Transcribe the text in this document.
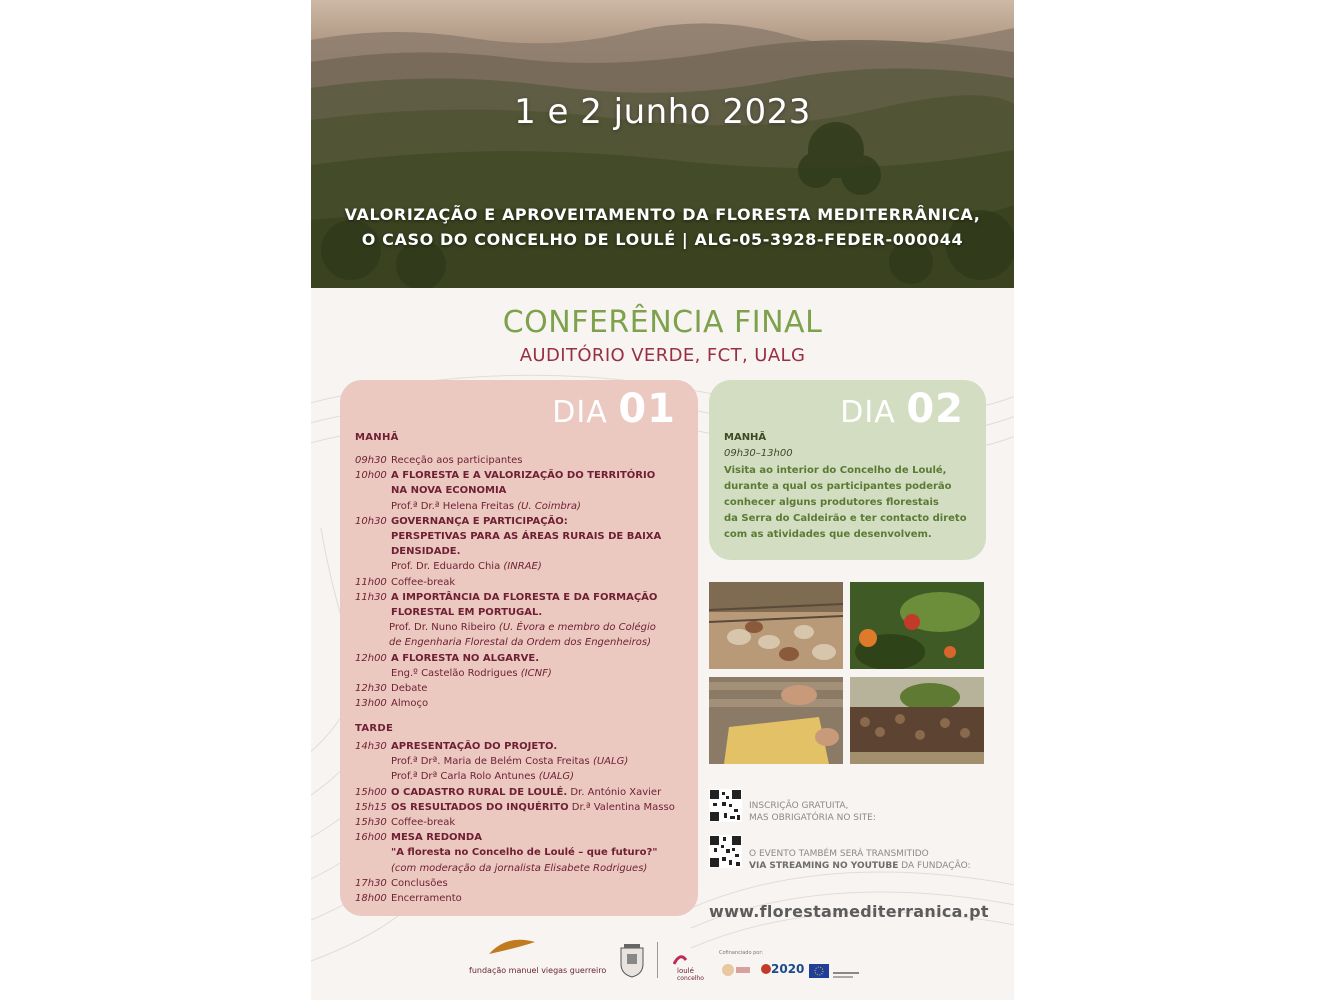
1 e 2 junho 2023
VALORIZAÇÃO E APROVEITAMENTO DA FLORESTA MEDITERRÂNICA,
O CASO DO CONCELHO DE LOULÉ | ALG-05-3928-FEDER-000044
CONFERÊNCIA FINAL
AUDITÓRIO VERDE, FCT, UALG
DIA 01
MANHÃ
09h30 Receção aos participantes
10h00 A FLORESTA E A VALORIZAÇÃO DO TERRITÓRIO
NA NOVA ECONOMIA
Prof.ª Dr.ª Helena Freitas (U. Coimbra)
10h30 GOVERNANÇA E PARTICIPAÇÃO:
PERSPETIVAS PARA AS ÁREAS RURAIS DE BAIXA
DENSIDADE.
Prof. Dr. Eduardo Chia (INRAE)
11h00 Coffee-break
11h30 A IMPORTÂNCIA DA FLORESTA E DA FORMAÇÃO
FLORESTAL EM PORTUGAL.
Prof. Dr. Nuno Ribeiro (U. Évora e membro do Colégio
de Engenharia Florestal da Ordem dos Engenheiros)
12h00 A FLORESTA NO ALGARVE.
Eng.º Castelão Rodrigues (ICNF)
12h30 Debate
13h00 Almoço
TARDE
14h30 APRESENTAÇÃO DO PROJETO.
Prof.ª Drª. Maria de Belém Costa Freitas (UALG)
Prof.ª Drª Carla Rolo Antunes (UALG)
15h00 O CADASTRO RURAL DE LOULÉ. Dr. António Xavier
15h15 OS RESULTADOS DO INQUÉRITO Dr.ª Valentina Masso
15h30 Coffee-break
16h00 MESA REDONDA
"A floresta no Concelho de Loulé – que futuro?"
(com moderação da jornalista Elisabete Rodrigues)
17h30 Conclusões
18h00 Encerramento
DIA 02
MANHÃ
09h30–13h00
Visita ao interior do Concelho de Loulé,
durante a qual os participantes poderão
conhecer alguns produtores florestais
da Serra do Caldeirão e ter contacto direto
com as atividades que desenvolvem.
INSCRIÇÃO GRATUITA,
MAS OBRIGATÓRIA NO SITE:
O EVENTO TAMBÉM SERÁ TRANSMITIDO
VIA STREAMING NO YOUTUBE DA FUNDAÇÃO:
www.florestamediterranica.pt
fundação manuel viegas guerreiro	loulé
concelho
Cofinanciado por:
2020
